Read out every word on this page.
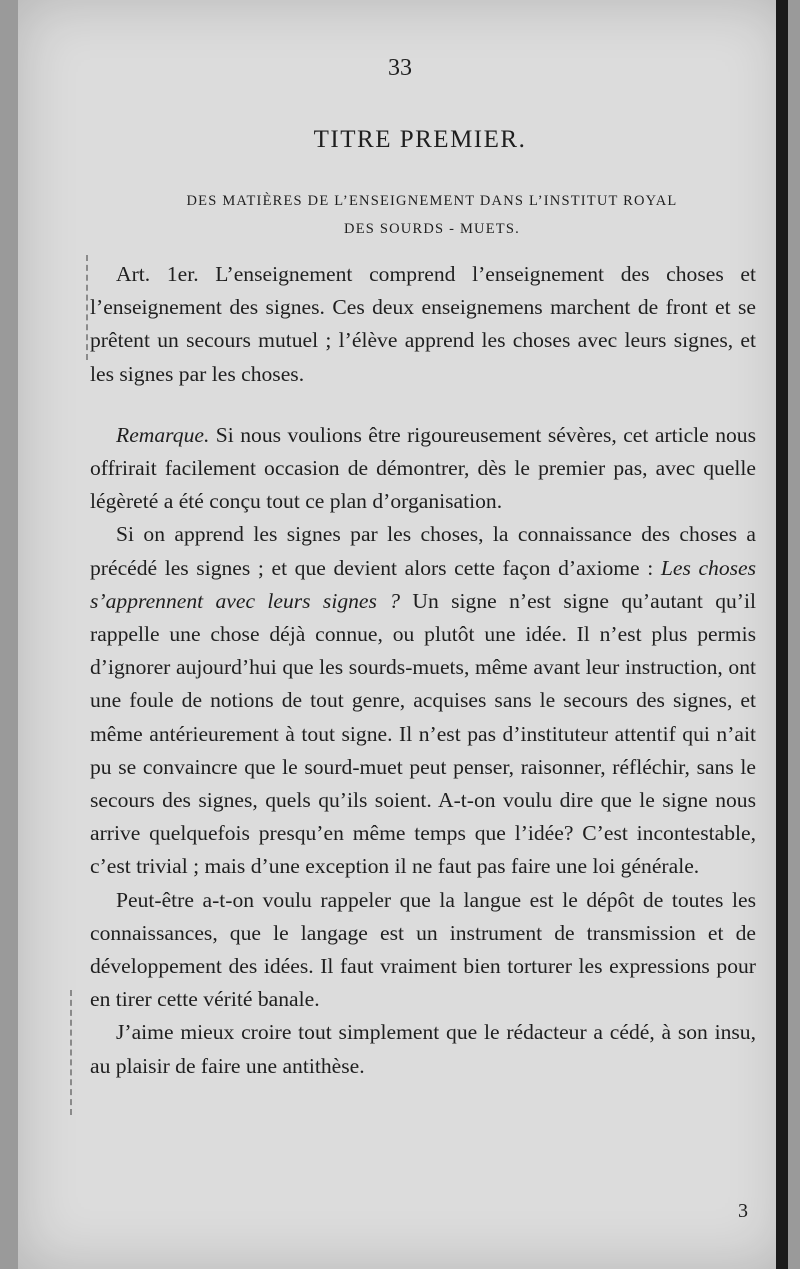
33
TITRE PREMIER.
DES MATIÈRES DE L’ENSEIGNEMENT DANS L’INSTITUT ROYAL
DES SOURDS - MUETS.

Art. 1er. L’enseignement comprend l’enseignement des choses et l’enseignement des signes. Ces deux enseignemens marchent de front et se prêtent un secours mutuel ; l’élève apprend les choses avec leurs signes, et les signes par les choses.

Remarque. Si nous voulions être rigoureusement sévères, cet article nous offrirait facilement occasion de démontrer, dès le premier pas, avec quelle légèreté a été conçu tout ce plan d’organisation.

Si on apprend les signes par les choses, la connaissance des choses a précédé les signes ; et que devient alors cette façon d’axiome : Les choses s’apprennent avec leurs signes ? Un signe n’est signe qu’autant qu’il rappelle une chose déjà connue, ou plutôt une idée. Il n’est plus permis d’ignorer aujourd’hui que les sourds-muets, même avant leur instruction, ont une foule de notions de tout genre, acquises sans le secours des signes, et même antérieurement à tout signe. Il n’est pas d’instituteur attentif qui n’ait pu se convaincre que le sourd-muet peut penser, raisonner, réfléchir, sans le secours des signes, quels qu’ils soient. A-t-on voulu dire que le signe nous arrive quelquefois presqu’en même temps que l’idée? C’est incontestable, c’est trivial ; mais d’une exception il ne faut pas faire une loi générale.

Peut-être a-t-on voulu rappeler que la langue est le dépôt de toutes les connaissances, que le langage est un instrument de transmission et de développement des idées. Il faut vraiment bien torturer les expressions pour en tirer cette vérité banale.

J’aime mieux croire tout simplement que le rédacteur a cédé, à son insu, au plaisir de faire une antithèse.

3
